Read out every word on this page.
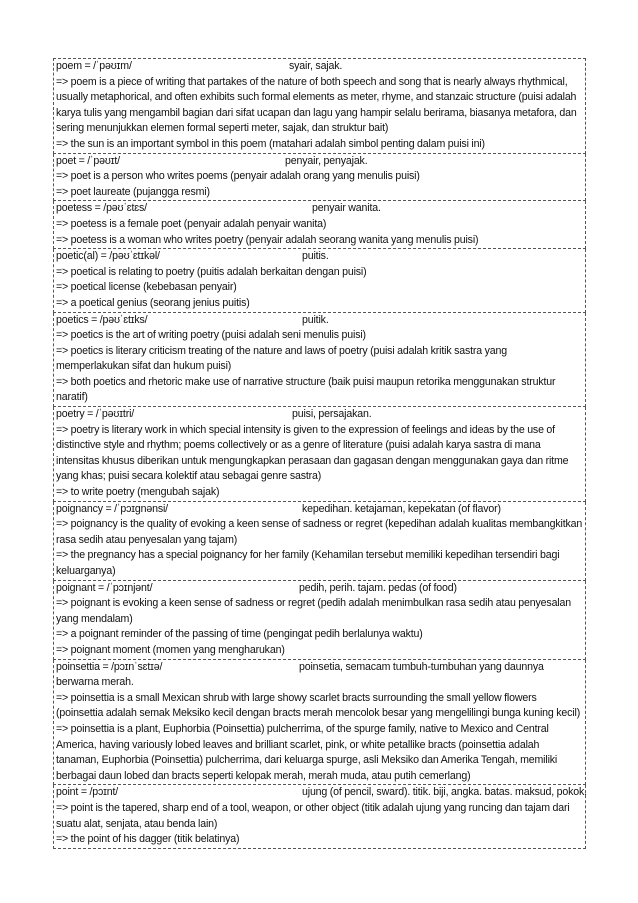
poem = /ˈpəʊɪm/	syair, sajak.
=> poem is a piece of writing that partakes of the nature of both speech and song that is nearly always rhythmical, usually metaphorical, and often exhibits such formal elements as meter, rhyme, and stanzaic structure (puisi adalah karya tulis yang mengambil bagian dari sifat ucapan dan lagu yang hampir selalu berirama, biasanya metafora, dan sering menunjukkan elemen formal seperti meter, sajak, dan struktur bait)
=> the sun is an important symbol in this poem (matahari adalah simbol penting dalam puisi ini)
poet = /ˈpəʊɪt/	penyair, penyajak.
=> poet is a person who writes poems (penyair adalah orang yang menulis puisi)
=> poet laureate (pujangga resmi)
poetess = /pəʊˈɛtɛs/	penyair wanita.
=> poetess is a female poet (penyair adalah penyair wanita)
=> poetess is a woman who writes poetry (penyair adalah seorang wanita yang menulis puisi)
poetic(al) = /pəʊˈɛtɪkəl/	puitis.
=> poetical is relating to poetry (puitis adalah berkaitan dengan puisi)
=> poetical license (kebebasan penyair)
=> a poetical genius (seorang jenius puitis)
poetics = /pəʊˈɛtɪks/	puitik.
=> poetics is the art of writing poetry (puisi adalah seni menulis puisi)
=> poetics is literary criticism treating of the nature and laws of poetry (puisi adalah kritik sastra yang memperlakukan sifat dan hukum puisi)
=> both poetics and rhetoric make use of narrative structure (baik puisi maupun retorika menggunakan struktur naratif)
poetry = /ˈpəʊɪtri/	puisi, persajakan.
=> poetry is literary work in which special intensity is given to the expression of feelings and ideas by the use of distinctive style and rhythm; poems collectively or as a genre of literature (puisi adalah karya sastra di mana intensitas khusus diberikan untuk mengungkapkan perasaan dan gagasan dengan menggunakan gaya dan ritme yang khas; puisi secara kolektif atau sebagai genre sastra)
=> to write poetry (mengubah sajak)
poignancy = /ˈpɔɪgnənsi/	kepedihan. ketajaman, kepekatan (of flavor)
=> poignancy is the quality of evoking a keen sense of sadness or regret (kepedihan adalah kualitas membangkitkan rasa sedih atau penyesalan yang tajam)
=> the pregnancy has a special poignancy for her family (Kehamilan tersebut memiliki kepedihan tersendiri bagi keluarganya)
poignant = /ˈpɔɪnjənt/	pedih, perih. tajam. pedas (of food)
=> poignant is evoking a keen sense of sadness or regret (pedih adalah menimbulkan rasa sedih atau penyesalan yang mendalam)
=> a poignant reminder of the passing of time (pengingat pedih berlalunya waktu)
=> poignant moment (momen yang mengharukan)
poinsettia = /pɔɪnˈsɛtɪə/	poinsetia, semacam tumbuh-tumbuhan yang daunnya berwarna merah.
=> poinsettia is a small Mexican shrub with large showy scarlet bracts surrounding the small yellow flowers (poinsettia adalah semak Meksiko kecil dengan bracts merah mencolok besar yang mengelilingi bunga kuning kecil)
=> poinsettia is a plant, Euphorbia (Poinsettia) pulcherrima, of the spurge family, native to Mexico and Central America, having variously lobed leaves and brilliant scarlet, pink, or white petallike bracts (poinsettia adalah tanaman, Euphorbia (Poinsettia) pulcherrima, dari keluarga spurge, asli Meksiko dan Amerika Tengah, memiliki berbagai daun lobed dan bracts seperti kelopak merah, merah muda, atau putih cemerlang)
point = /pɔɪnt/	ujung (of pencil, sward). titik. biji, angka. batas. maksud, pokok.
=> point is the tapered, sharp end of a tool, weapon, or other object (titik adalah ujung yang runcing dan tajam dari suatu alat, senjata, atau benda lain)
=> the point of his dagger (titik belatinya)
